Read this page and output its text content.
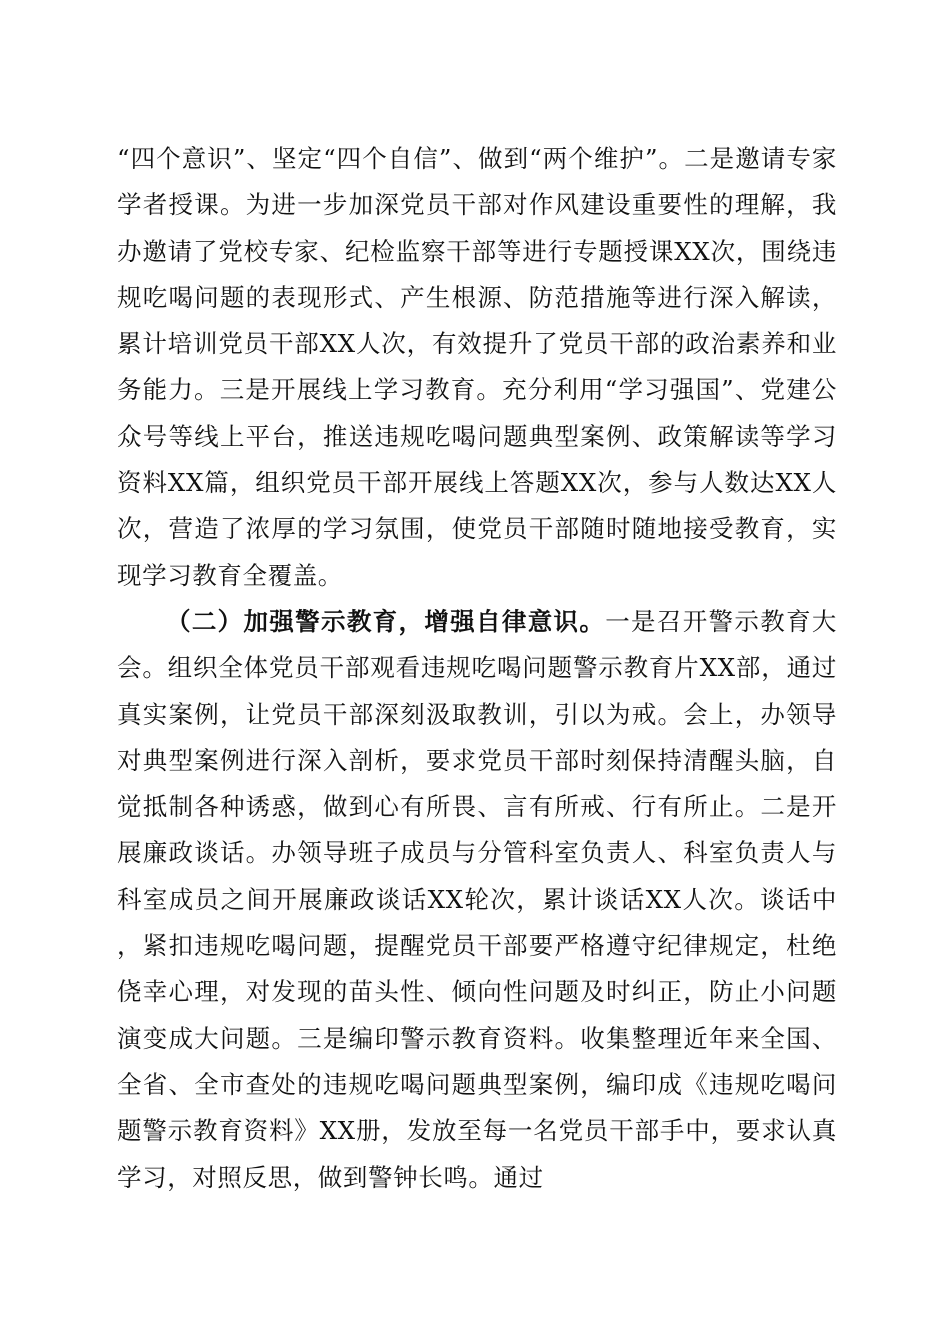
“四个意识”、坚定“四个自信”、做到“两个维护”。二是邀请专家学者授课。为进一步加深党员干部对作风建设重要性的理解，我办邀请了党校专家、纪检监察干部等进行专题授课XX次，围绕违规吃喝问题的表现形式、产生根源、防范措施等进行深入解读，累计培训党员干部XX人次，有效提升了党员干部的政治素养和业务能力。三是开展线上学习教育。充分利用“学习强国”、党建公众号等线上平台，推送违规吃喝问题典型案例、政策解读等学习资料XX篇，组织党员干部开展线上答题XX次，参与人数达XX人次，营造了浓厚的学习氛围，使党员干部随时随地接受教育，实现学习教育全覆盖。

（二）加强警示教育，增强自律意识。一是召开警示教育大会。组织全体党员干部观看违规吃喝问题警示教育片XX部，通过真实案例，让党员干部深刻汲取教训，引以为戒。会上，办领导对典型案例进行深入剖析，要求党员干部时刻保持清醒头脑，自觉抵制各种诱惑，做到心有所畏、言有所戒、行有所止。二是开展廉政谈话。办领导班子成员与分管科室负责人、科室负责人与科室成员之间开展廉政谈话XX轮次，累计谈话XX人次。谈话中，紧扣违规吃喝问题，提醒党员干部要严格遵守纪律规定，杜绝侥幸心理，对发现的苗头性、倾向性问题及时纠正，防止小问题演变成大问题。三是编印警示教育资料。收集整理近年来全国、全省、全市查处的违规吃喝问题典型案例，编印成《违规吃喝问题警示教育资料》XX册，发放至每一名党员干部手中，要求认真学习，对照反思，做到警钟长鸣。通过
